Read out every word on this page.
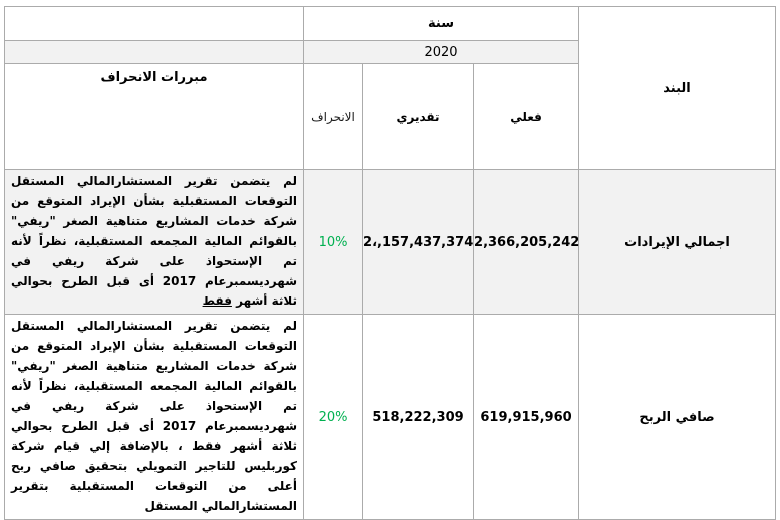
البند	سنة			
	2020			
	فعلي	تقديري	الانحراف	مبررات الانحراف
اجمالي الإيرادات	2,366,205,242	2،,157,437,374	10%	لم يتضمن تقرير المستشارالمالي المستقل التوقعات المستقبلية بشأن الإيراد المتوقع من شركة خدمات المشاريع متناهية الصغر "ريفي" بالقوائم المالية المجمعه المستقبلية، نظراً لأنه تم الإستحواذ على شركة ريفي في شهرديسمبرعام 2017 أى قبل الطرح بحوالي ثلاثة أشهر فقط
صافي الربح	619,915,960	518,222,309	20%	لم يتضمن تقرير المستشارالمالي المستقل التوقعات المستقبلية بشأن الإيراد المتوقع من شركة خدمات المشاريع متناهية الصغر "ريفي" بالقوائم المالية المجمعه المستقبلية، نظراً لأنه تم الإستحواذ على شركة ريفي في شهرديسمبرعام 2017 أى قبل الطرح بحوالي ثلاثة أشهر فقط ، بالإضافة إلي قيام شركة كوربليس للتاجير التمويلي بتحقيق صافي ربح أعلى من التوقعات المستقبلية بتقرير المستشارالمالي المستقل
